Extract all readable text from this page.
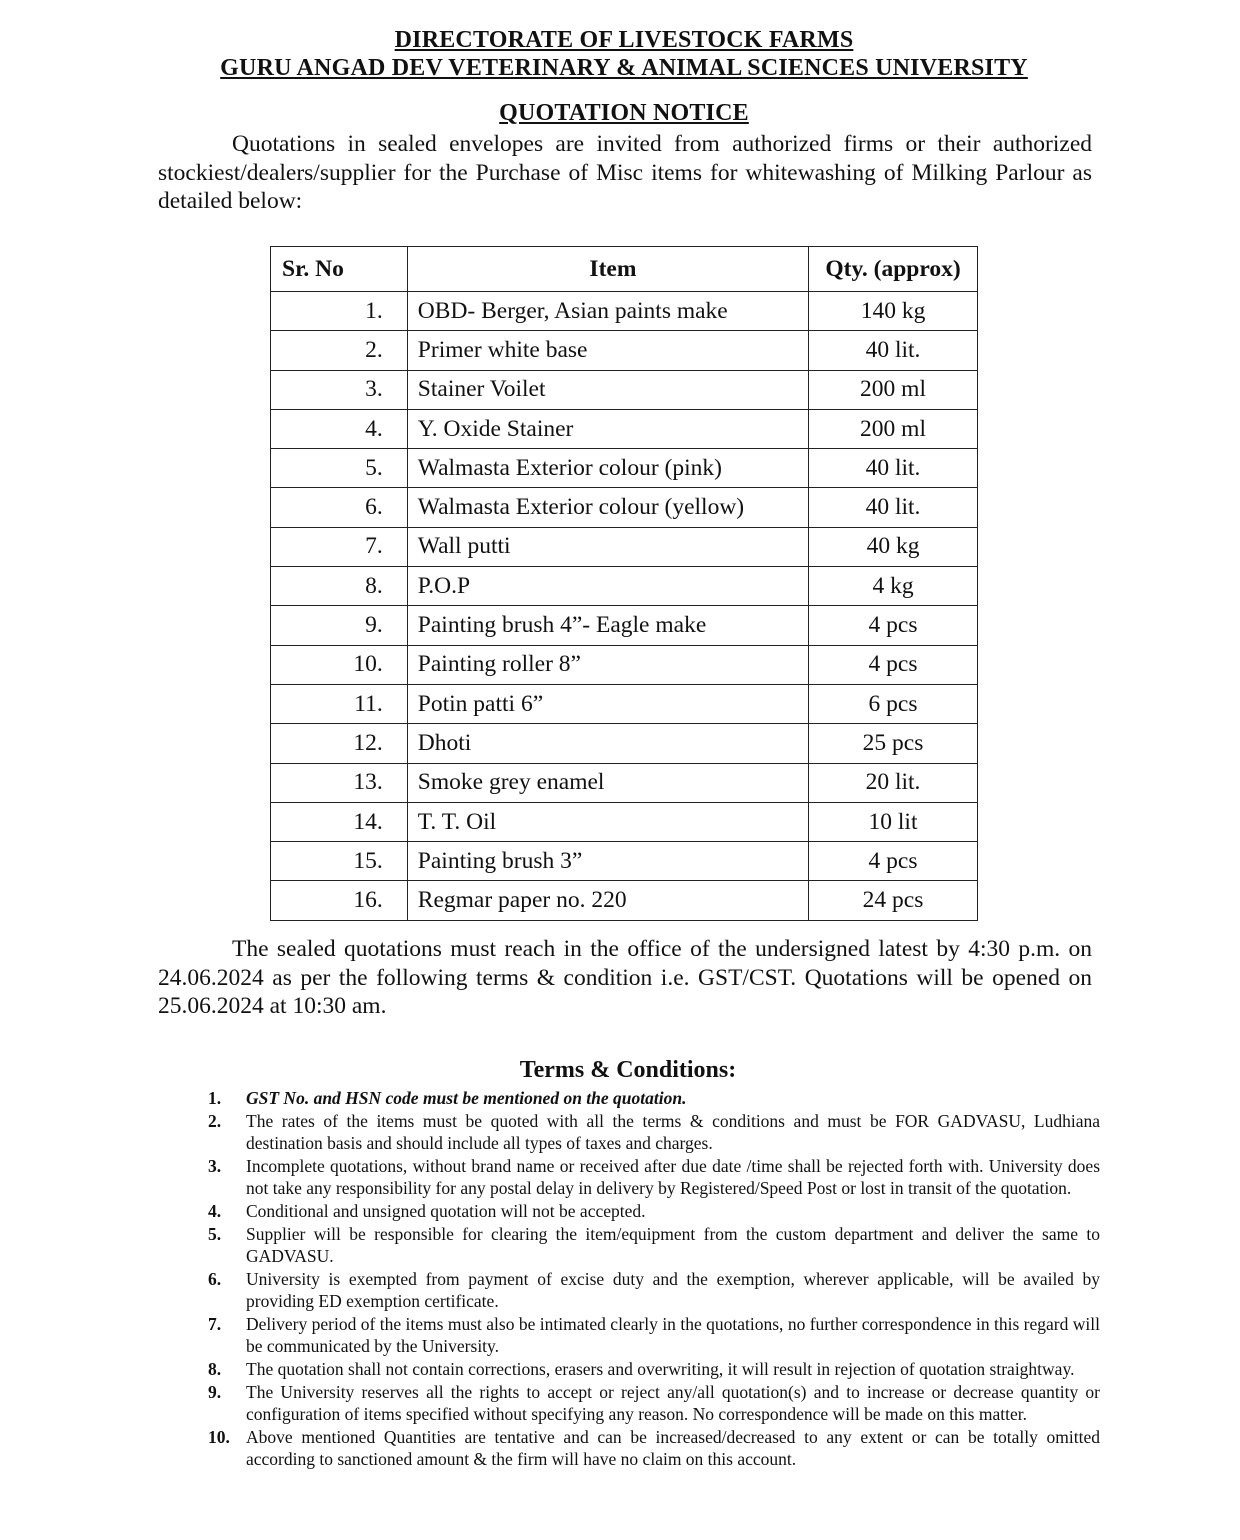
DIRECTORATE OF LIVESTOCK FARMS
GURU ANGAD DEV VETERINARY & ANIMAL SCIENCES UNIVERSITY
QUOTATION NOTICE
Quotations in sealed envelopes are invited from authorized firms or their authorized stockiest/dealers/supplier for the Purchase of Misc items for whitewashing of Milking Parlour as detailed below:
Sr. No	Item	Qty. (approx)
1.	OBD- Berger, Asian paints make	140 kg
2.	Primer white base	40 lit.
3.	Stainer Voilet	200 ml
4.	Y. Oxide Stainer	200 ml
5.	Walmasta Exterior colour (pink)	40 lit.
6.	Walmasta Exterior colour (yellow)	40 lit.
7.	Wall putti	40 kg
8.	P.O.P	4 kg
9.	Painting brush 4”- Eagle make	4 pcs
10.	Painting roller 8”	4 pcs
11.	Potin patti 6”	6 pcs
12.	Dhoti	25 pcs
13.	Smoke grey enamel	20 lit.
14.	T. T. Oil	10 lit
15.	Painting brush 3”	4 pcs
16.	Regmar paper no. 220	24 pcs
The sealed quotations must reach in the office of the undersigned latest by 4:30 p.m. on 24.06.2024 as per the following terms & condition i.e. GST/CST. Quotations will be opened on 25.06.2024 at 10:30 am.
Terms & Conditions:
1. GST No. and HSN code must be mentioned on the quotation.
2. The rates of the items must be quoted with all the terms & conditions and must be FOR GADVASU, Ludhiana destination basis and should include all types of taxes and charges.
3. Incomplete quotations, without brand name or received after due date /time shall be rejected forth with. University does not take any responsibility for any postal delay in delivery by Registered/Speed Post or lost in transit of the quotation.
4. Conditional and unsigned quotation will not be accepted.
5. Supplier will be responsible for clearing the item/equipment from the custom department and deliver the same to GADVASU.
6. University is exempted from payment of excise duty and the exemption, wherever applicable, will be availed by providing ED exemption certificate.
7. Delivery period of the items must also be intimated clearly in the quotations, no further correspondence in this regard will be communicated by the University.
8. The quotation shall not contain corrections, erasers and overwriting, it will result in rejection of quotation straightway.
9. The University reserves all the rights to accept or reject any/all quotation(s) and to increase or decrease quantity or configuration of items specified without specifying any reason. No correspondence will be made on this matter.
10. Above mentioned Quantities are tentative and can be increased/decreased to any extent or can be totally omitted according to sanctioned amount & the firm will have no claim on this account.
